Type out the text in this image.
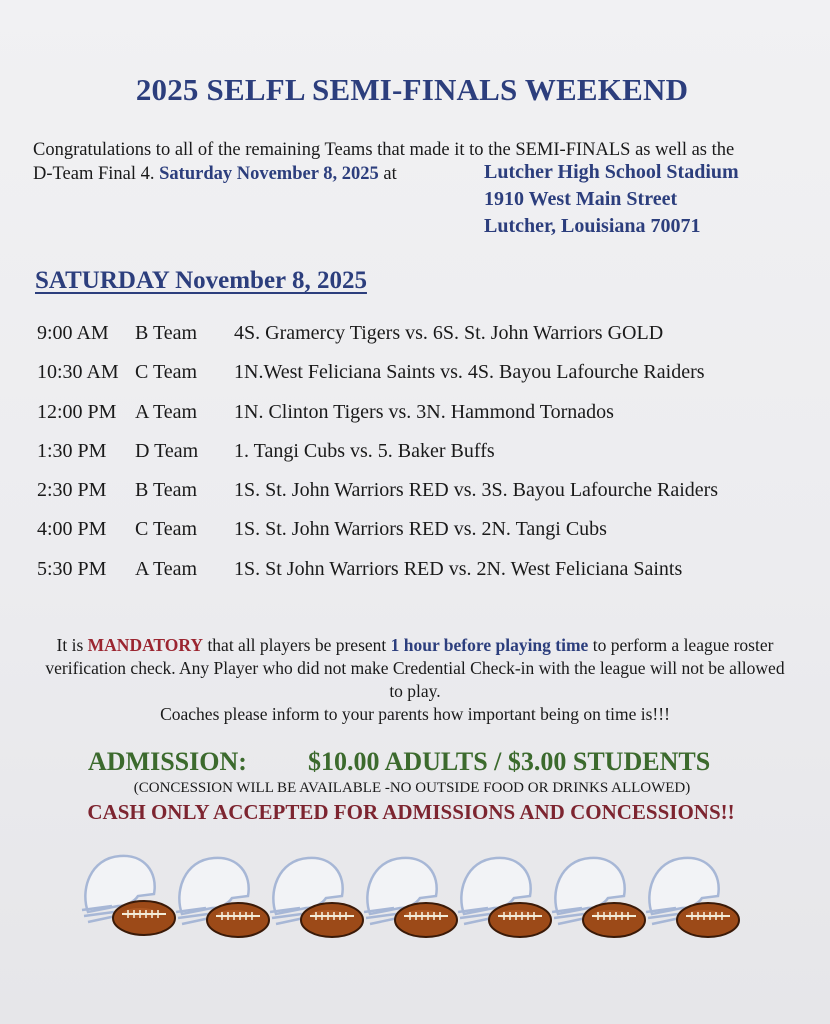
2025 SELFL SEMI-FINALS WEEKEND
Congratulations to all of the remaining Teams that made it to the SEMI-FINALS as well as the
D-Team Final 4. Saturday November 8, 2025 at	Lutcher High School Stadium
1910 West Main Street
Lutcher, Louisiana 70071
SATURDAY November 8, 2025
9:00 AM B Team 4S. Gramercy Tigers vs. 6S. St. John Warriors GOLD
10:30 AM C Team 1N.West Feliciana Saints vs. 4S. Bayou Lafourche Raiders
12:00 PM A Team 1N. Clinton Tigers vs. 3N. Hammond Tornados
1:30 PM D Team 1. Tangi Cubs vs. 5. Baker Buffs
2:30 PM B Team 1S. St. John Warriors RED vs. 3S. Bayou Lafourche Raiders
4:00 PM C Team 1S. St. John Warriors RED vs. 2N. Tangi Cubs
5:30 PM A Team 1S. St John Warriors RED vs. 2N. West Feliciana Saints
It is MANDATORY that all players be present 1 hour before playing time to perform a league roster verification check. Any Player who did not make Credential Check-in with the league will not be allowed to play.
Coaches please inform to your parents how important being on time is!!!
ADMISSION: $10.00 ADULTS / $3.00 STUDENTS
(CONCESSION WILL BE AVAILABLE -NO OUTSIDE FOOD OR DRINKS ALLOWED)
CASH ONLY ACCEPTED FOR ADMISSIONS AND CONCESSIONS!!
